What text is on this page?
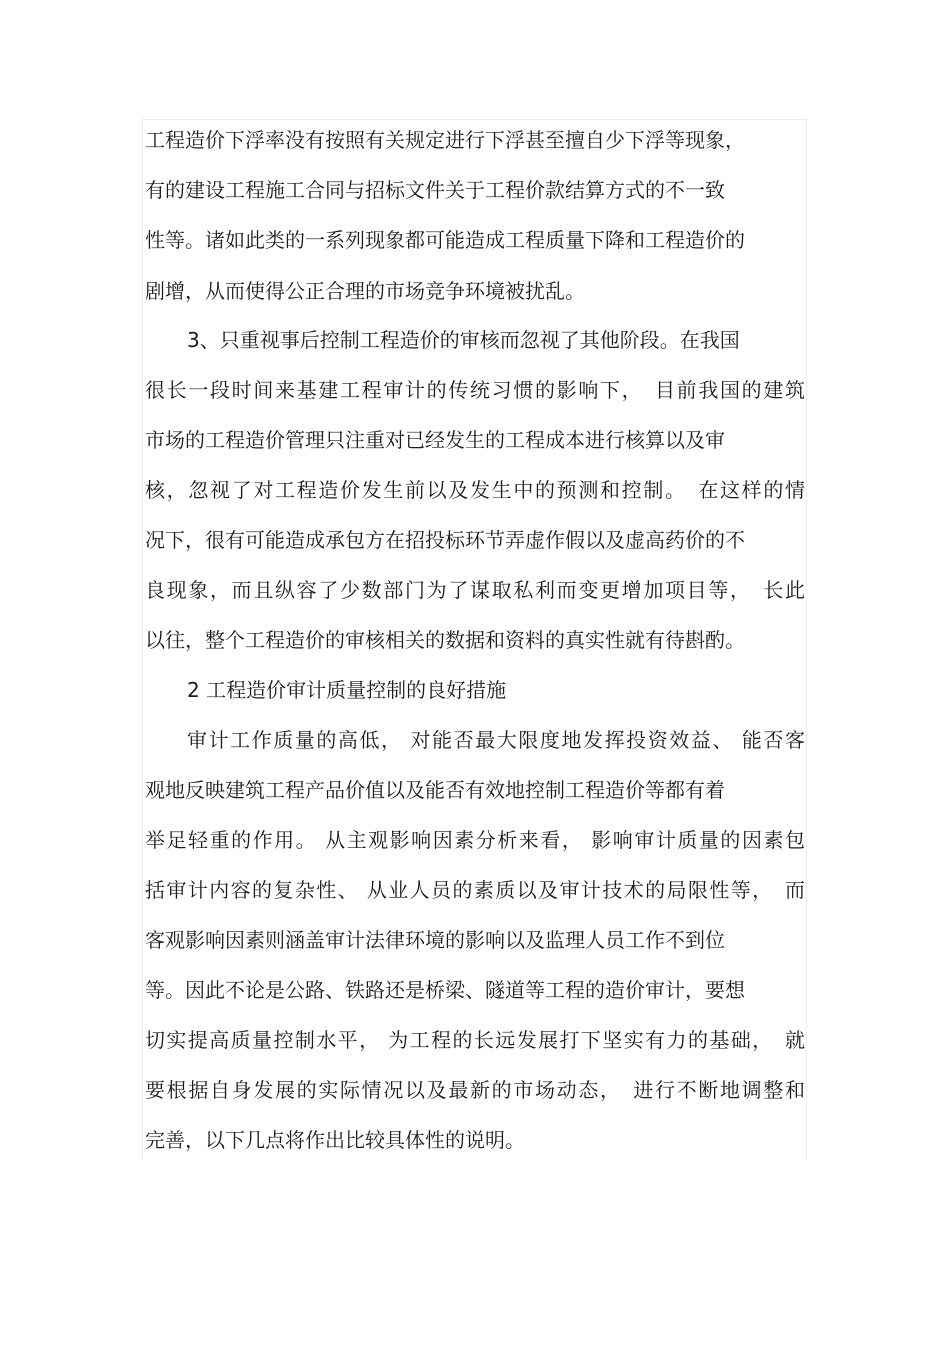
工程造价下浮率没有按照有关规定进行下浮甚至擅自少下浮等现象，
有的建设工程施工合同与招标文件关于工程价款结算方式的不一致
性等。诸如此类的一系列现象都可能造成工程质量下降和工程造价的
剧增，从而使得公正合理的市场竞争环境被扰乱。
3、只重视事后控制工程造价的审核而忽视了其他阶段。在我国
很长一段时间来基建工程审计的传统习惯的影响下，　目前我国的建筑
市场的工程造价管理只注重对已经发生的工程成本进行核算以及审
核，忽视了对工程造价发生前以及发生中的预测和控制。　在这样的情
况下，很有可能造成承包方在招投标环节弄虚作假以及虚高药价的不
良现象，而且纵容了少数部门为了谋取私利而变更增加项目等，　长此
以往，整个工程造价的审核相关的数据和资料的真实性就有待斟酌。
2 工程造价审计质量控制的良好措施
审计工作质量的高低， 对能否最大限度地发挥投资效益、 能否客
观地反映建筑工程产品价值以及能否有效地控制工程造价等都有着
举足轻重的作用。 从主观影响因素分析来看， 影响审计质量的因素包
括审计内容的复杂性、 从业人员的素质以及审计技术的局限性等，　而
客观影响因素则涵盖审计法律环境的影响以及监理人员工作不到位
等。因此不论是公路、铁路还是桥梁、隧道等工程的造价审计，要想
切实提高质量控制水平， 为工程的长远发展打下坚实有力的基础，　就
要根据自身发展的实际情况以及最新的市场动态，　进行不断地调整和
完善，以下几点将作出比较具体性的说明。
